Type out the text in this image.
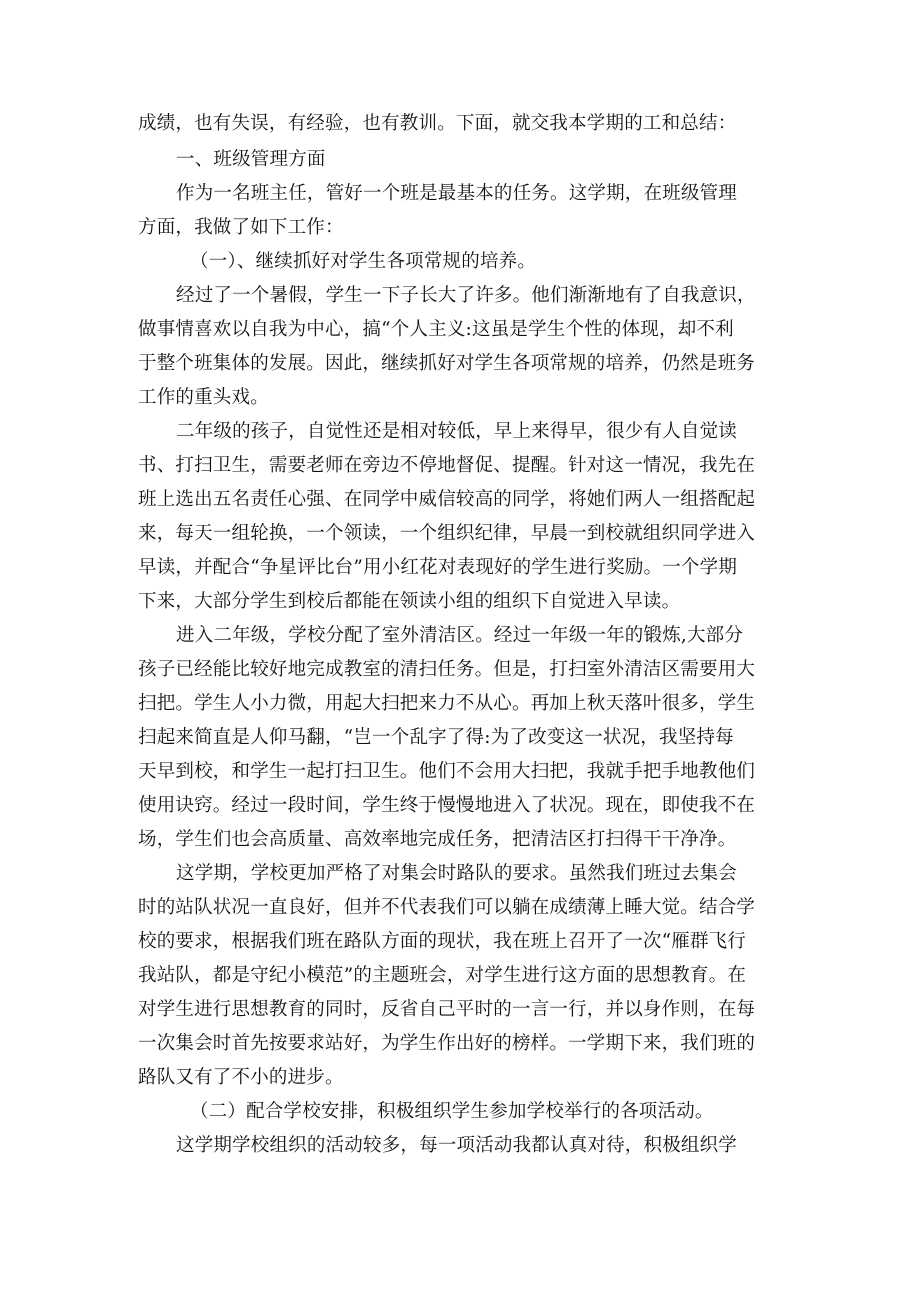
成绩，也有失误，有经验，也有教训。下面，就交我本学期的工和总结：
一、班级管理方面
作为一名班主任，管好一个班是最基本的任务。这学期，在班级管理
方面，我做了如下工作：
（一）、继续抓好对学生各项常规的培养。
经过了一个暑假，学生一下子长大了许多。他们渐渐地有了自我意识，
做事情喜欢以自我为中心，搞“个人主义:这虽是学生个性的体现，却不利
于整个班集体的发展。因此，继续抓好对学生各项常规的培养，仍然是班务
工作的重头戏。
二年级的孩子，自觉性还是相对较低，早上来得早，很少有人自觉读
书、打扫卫生，需要老师在旁边不停地督促、提醒。针对这一情况，我先在
班上选出五名责任心强、在同学中威信较高的同学，将她们两人一组搭配起
来，每天一组轮换，一个领读，一个组织纪律，早晨一到校就组织同学进入
早读，并配合“争星评比台”用小红花对表现好的学生进行奖励。一个学期
下来，大部分学生到校后都能在领读小组的组织下自觉进入早读。
进入二年级，学校分配了室外清洁区。经过一年级一年的锻炼,大部分
孩子已经能比较好地完成教室的清扫任务。但是，打扫室外清洁区需要用大
扫把。学生人小力微，用起大扫把来力不从心。再加上秋天落叶很多，学生
扫起来简直是人仰马翻，“岂一个乱字了得:为了改变这一状况，我坚持每
天早到校，和学生一起打扫卫生。他们不会用大扫把，我就手把手地教他们
使用诀窍。经过一段时间，学生终于慢慢地进入了状况。现在，即使我不在
场，学生们也会高质量、高效率地完成任务，把清洁区打扫得干干净净。
这学期，学校更加严格了对集会时路队的要求。虽然我们班过去集会
时的站队状况一直良好，但并不代表我们可以躺在成绩薄上睡大觉。结合学
校的要求，根据我们班在路队方面的现状，我在班上召开了一次“雁群飞行
我站队，都是守纪小模范”的主题班会，对学生进行这方面的思想教育。在
对学生进行思想教育的同时，反省自己平时的一言一行，并以身作则，在每
一次集会时首先按要求站好，为学生作出好的榜样。一学期下来，我们班的
路队又有了不小的进步。
（二）配合学校安排，积极组织学生参加学校举行的各项活动。
这学期学校组织的活动较多，每一项活动我都认真对待，积极组织学
